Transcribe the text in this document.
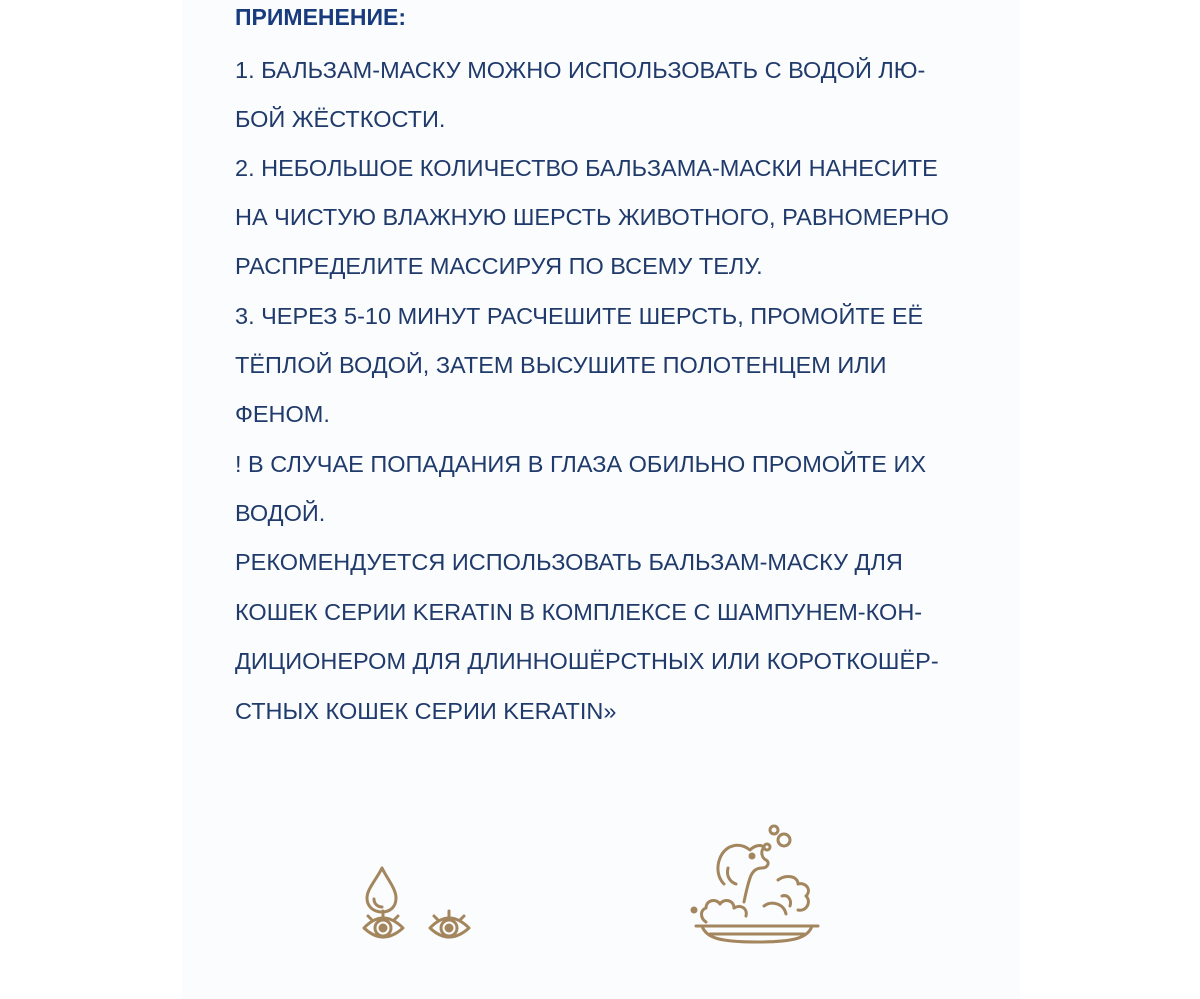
ПРИМЕНЕНИЕ:
1. БАЛЬЗАМ-МАСКУ МОЖНО ИСПОЛЬЗОВАТЬ С ВОДОЙ ЛЮ-
БОЙ ЖЁСТКОСТИ.
2. НЕБОЛЬШОЕ КОЛИЧЕСТВО БАЛЬЗАМА-МАСКИ НАНЕСИТЕ
НА ЧИСТУЮ ВЛАЖНУЮ ШЕРСТЬ ЖИВОТНОГО, РАВНОМЕРНО
РАСПРЕДЕЛИТЕ МАССИРУЯ ПО ВСЕМУ ТЕЛУ.
3. ЧЕРЕЗ 5-10 МИНУТ РАСЧЕШИТЕ ШЕРСТЬ, ПРОМОЙТЕ ЕЁ
ТЁПЛОЙ ВОДОЙ, ЗАТЕМ ВЫСУШИТЕ ПОЛОТЕНЦЕМ ИЛИ
ФЕНОМ.
! В СЛУЧАЕ ПОПАДАНИЯ В ГЛАЗА ОБИЛЬНО ПРОМОЙТЕ ИХ
ВОДОЙ.
РЕКОМЕНДУЕТСЯ ИСПОЛЬЗОВАТЬ БАЛЬЗАМ-МАСКУ ДЛЯ
КОШЕК СЕРИИ KERATIN В КОМПЛЕКСЕ С ШАМПУНЕМ-КОН-
ДИЦИОНЕРОМ ДЛЯ ДЛИННОШЁРСТНЫХ ИЛИ КОРОТКОШЁР-
СТНЫХ КОШЕК СЕРИИ KERATIN»
